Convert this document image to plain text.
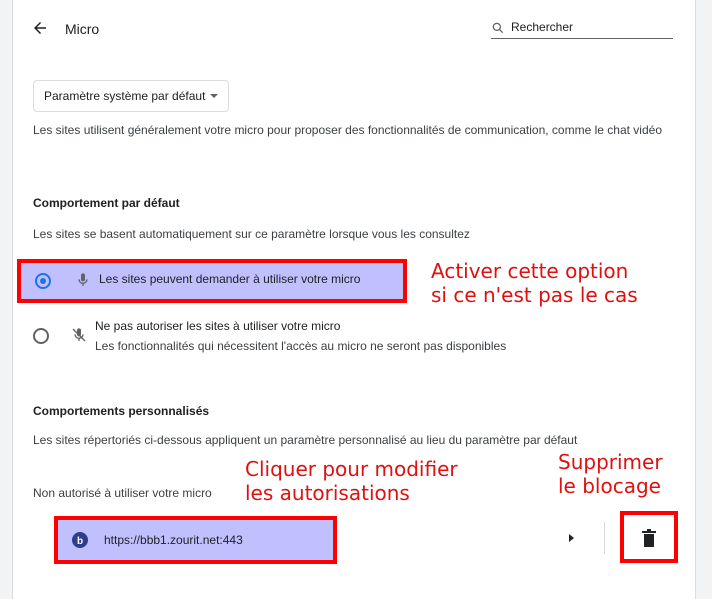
Micro
Rechercher
Paramètre système par défaut
Les sites utilisent généralement votre micro pour proposer des fonctionnalités de communication, comme le chat vidéo
Comportement par défaut
Les sites se basent automatiquement sur ce paramètre lorsque vous les consultez
Les sites peuvent demander à utiliser votre micro
Ne pas autoriser les sites à utiliser votre micro
Les fonctionnalités qui nécessitent l'accès au micro ne seront pas disponibles
Comportements personnalisés
Les sites répertoriés ci-dessous appliquent un paramètre personnalisé au lieu du paramètre par défaut
Non autorisé à utiliser votre micro
b https://bbb1.zourit.net:443
Activer cette option
si ce n'est pas le cas
Cliquer pour modifier
les autorisations
Supprimer
le blocage
